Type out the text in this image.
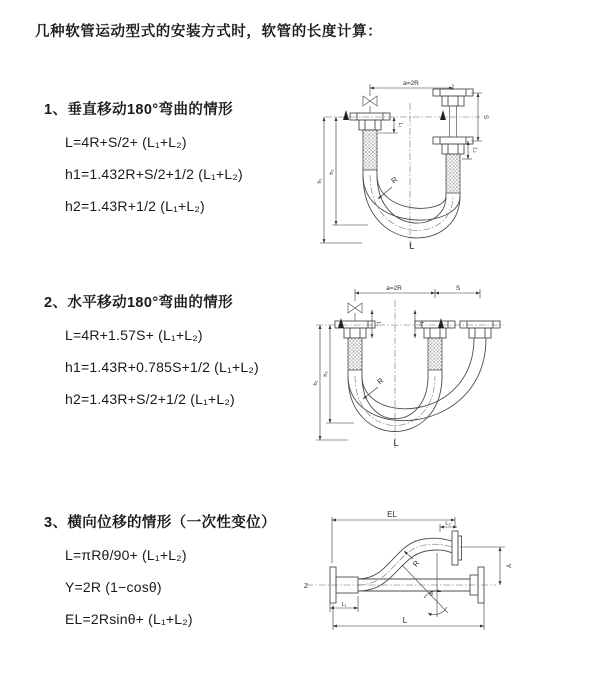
几种软管运动型式的安装方式时，软管的长度计算：
1、垂直移动180°弯曲的情形
L=4R+S/2+ (L₁+L₂)
h1=1.432R+S/2+1/2 (L₁+L₂)
h2=1.43R+1/2 (L₁+L₂)
a=2R
L₁
S
L₂
h₁
h₂
R
L
2、水平移动180°弯曲的情形
L=4R+1.57S+ (L₁+L₂)
h1=1.43R+0.785S+1/2 (L₁+L₂)
h2=1.43R+S/2+1/2 (L₁+L₂)
a=2R	S
L₁	L₂
h₁
h₂
R
L
3、横向位移的情形（一次性变位）
L=πRθ/90+ (L₁+L₂)
Y=2R (1−cosθ)
EL=2Rsinθ+ (L₁+L₂)
Z
EL
L₂
Y
L₁
R
θ
L
